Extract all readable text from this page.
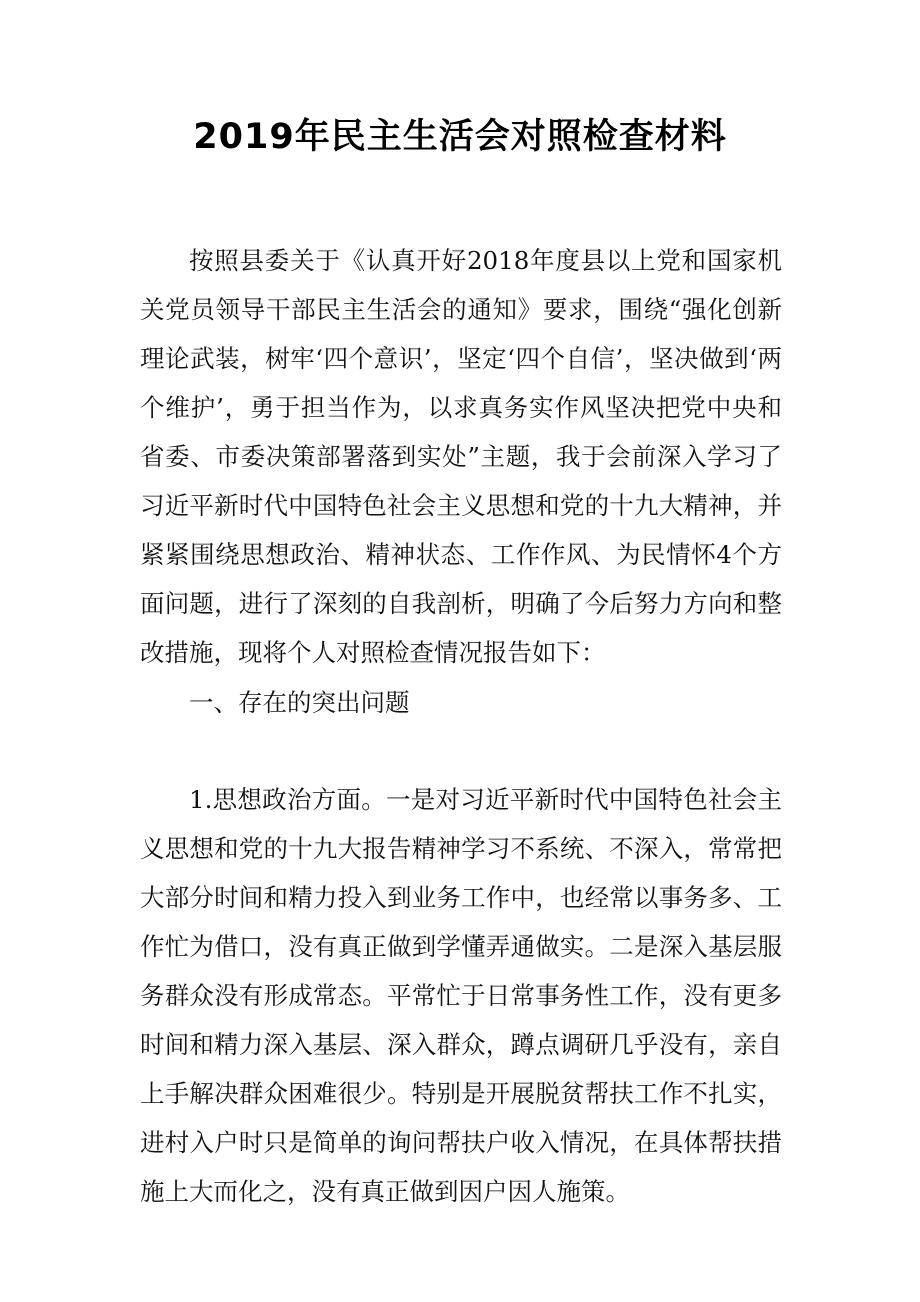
2019年民主生活会对照检查材料

按照县委关于《认真开好2018年度县以上党和国家机关党员领导干部民主生活会的通知》要求，围绕“强化创新理论武装，树牢‘四个意识’，坚定‘四个自信’，坚决做到‘两个维护’，勇于担当作为，以求真务实作风坚决把党中央和省委、市委决策部署落到实处”主题，我于会前深入学习了习近平新时代中国特色社会主义思想和党的十九大精神，并紧紧围绕思想政治、精神状态、工作作风、为民情怀4个方面问题，进行了深刻的自我剖析，明确了今后努力方向和整改措施，现将个人对照检查情况报告如下：

一、存在的突出问题

1.思想政治方面。一是对习近平新时代中国特色社会主义思想和党的十九大报告精神学习不系统、不深入，常常把大部分时间和精力投入到业务工作中，也经常以事务多、工作忙为借口，没有真正做到学懂弄通做实。二是深入基层服务群众没有形成常态。平常忙于日常事务性工作，没有更多时间和精力深入基层、深入群众，蹲点调研几乎没有，亲自上手解决群众困难很少。特别是开展脱贫帮扶工作不扎实，进村入户时只是简单的询问帮扶户收入情况，在具体帮扶措施上大而化之，没有真正做到因户因人施策。
